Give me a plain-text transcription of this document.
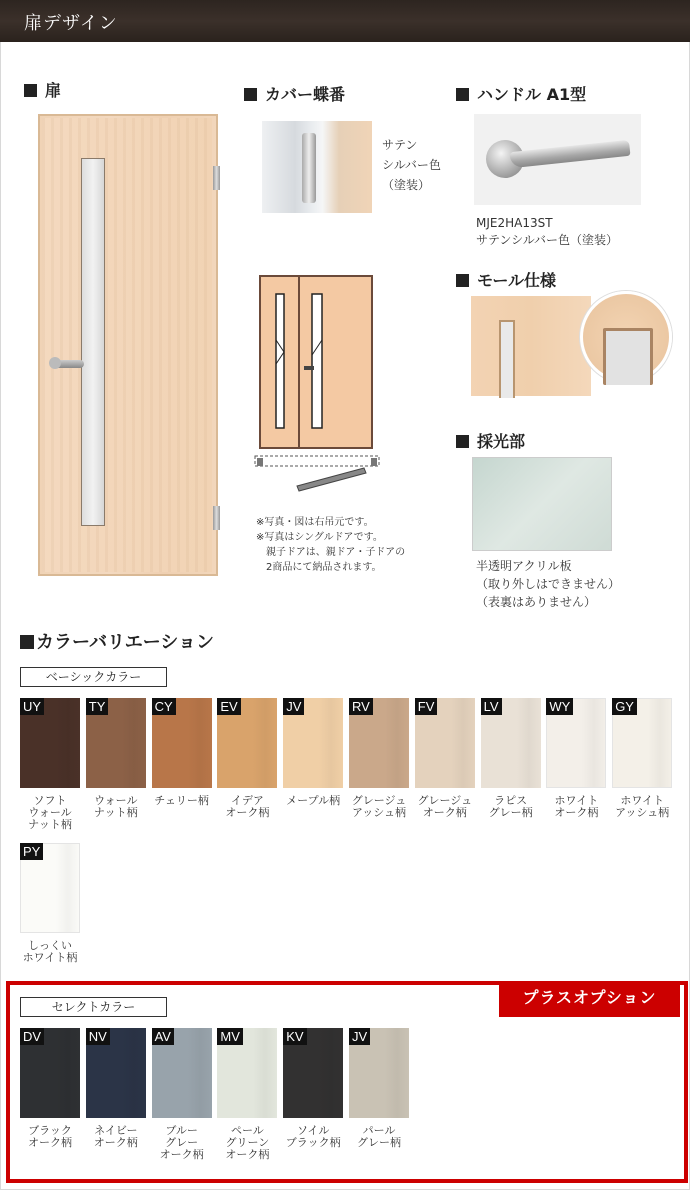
扉デザイン
扉	カバー蝶番	ハンドル A1型
モール仕様
採光部
カラーバリエーション
サテン
シルバー色
（塗装）
MJE2HA13ST
サテンシルバー色（塗装）
※写真・図は右吊元です。
※写真はシングルドアです。
　親子ドアは、親ドア・子ドアの
　2商品にて納品されます。	半透明アクリル板
（取り外しはできません）
（表裏はありません）
ベーシックカラー
UY
ソフト
ウォール
ナット柄
TY
ウォール
ナット柄
CY
チェリー柄
EV
イデア
オーク柄
JV
メープル柄
RV
グレージュ
アッシュ柄
FV
グレージュ
オーク柄
LV
ラピス
グレー柄
WY
ホワイト
オーク柄
GY
ホワイト
アッシュ柄
PY
しっくい
ホワイト柄
プラスオプション
セレクトカラー
DV
ブラック
オーク柄
NV
ネイビー
オーク柄
AV
ブルー
グレー
オーク柄
MV
ペール
グリーン
オーク柄
KV
ソイル
ブラック柄
JV
パール
グレー柄
